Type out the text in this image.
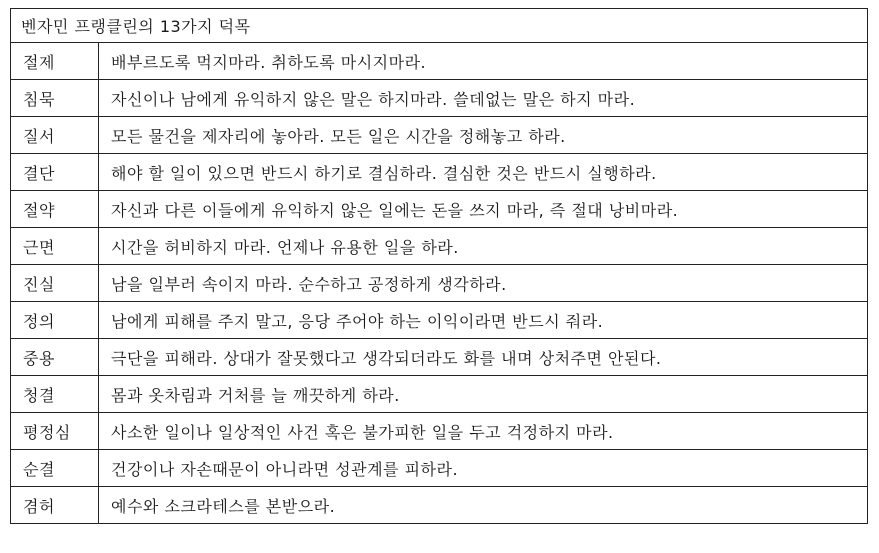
벤자민 프랭클린의 13가지 덕목	
절제	배부르도록 먹지마라. 취하도록 마시지마라.
침묵	자신이나 남에게 유익하지 않은 말은 하지마라. 쓸데없는 말은 하지 마라.
질서	모든 물건을 제자리에 놓아라. 모든 일은 시간을 정해놓고 하라.
결단	해야 할 일이 있으면 반드시 하기로 결심하라. 결심한 것은 반드시 실행하라.
절약	자신과 다른 이들에게 유익하지 않은 일에는 돈을 쓰지 마라, 즉 절대 낭비마라.
근면	시간을 허비하지 마라. 언제나 유용한 일을 하라.
진실	남을 일부러 속이지 마라. 순수하고 공정하게 생각하라.
정의	남에게 피해를 주지 말고, 응당 주어야 하는 이익이라면 반드시 줘라.
중용	극단을 피해라. 상대가 잘못했다고 생각되더라도 화를 내며 상처주면 안된다.
청결	몸과 옷차림과 거처를 늘 깨끗하게 하라.
평정심	사소한 일이나 일상적인 사건 혹은 불가피한 일을 두고 걱정하지 마라.
순결	건강이나 자손때문이 아니라면 성관계를 피하라.
겸허	예수와 소크라테스를 본받으라.
